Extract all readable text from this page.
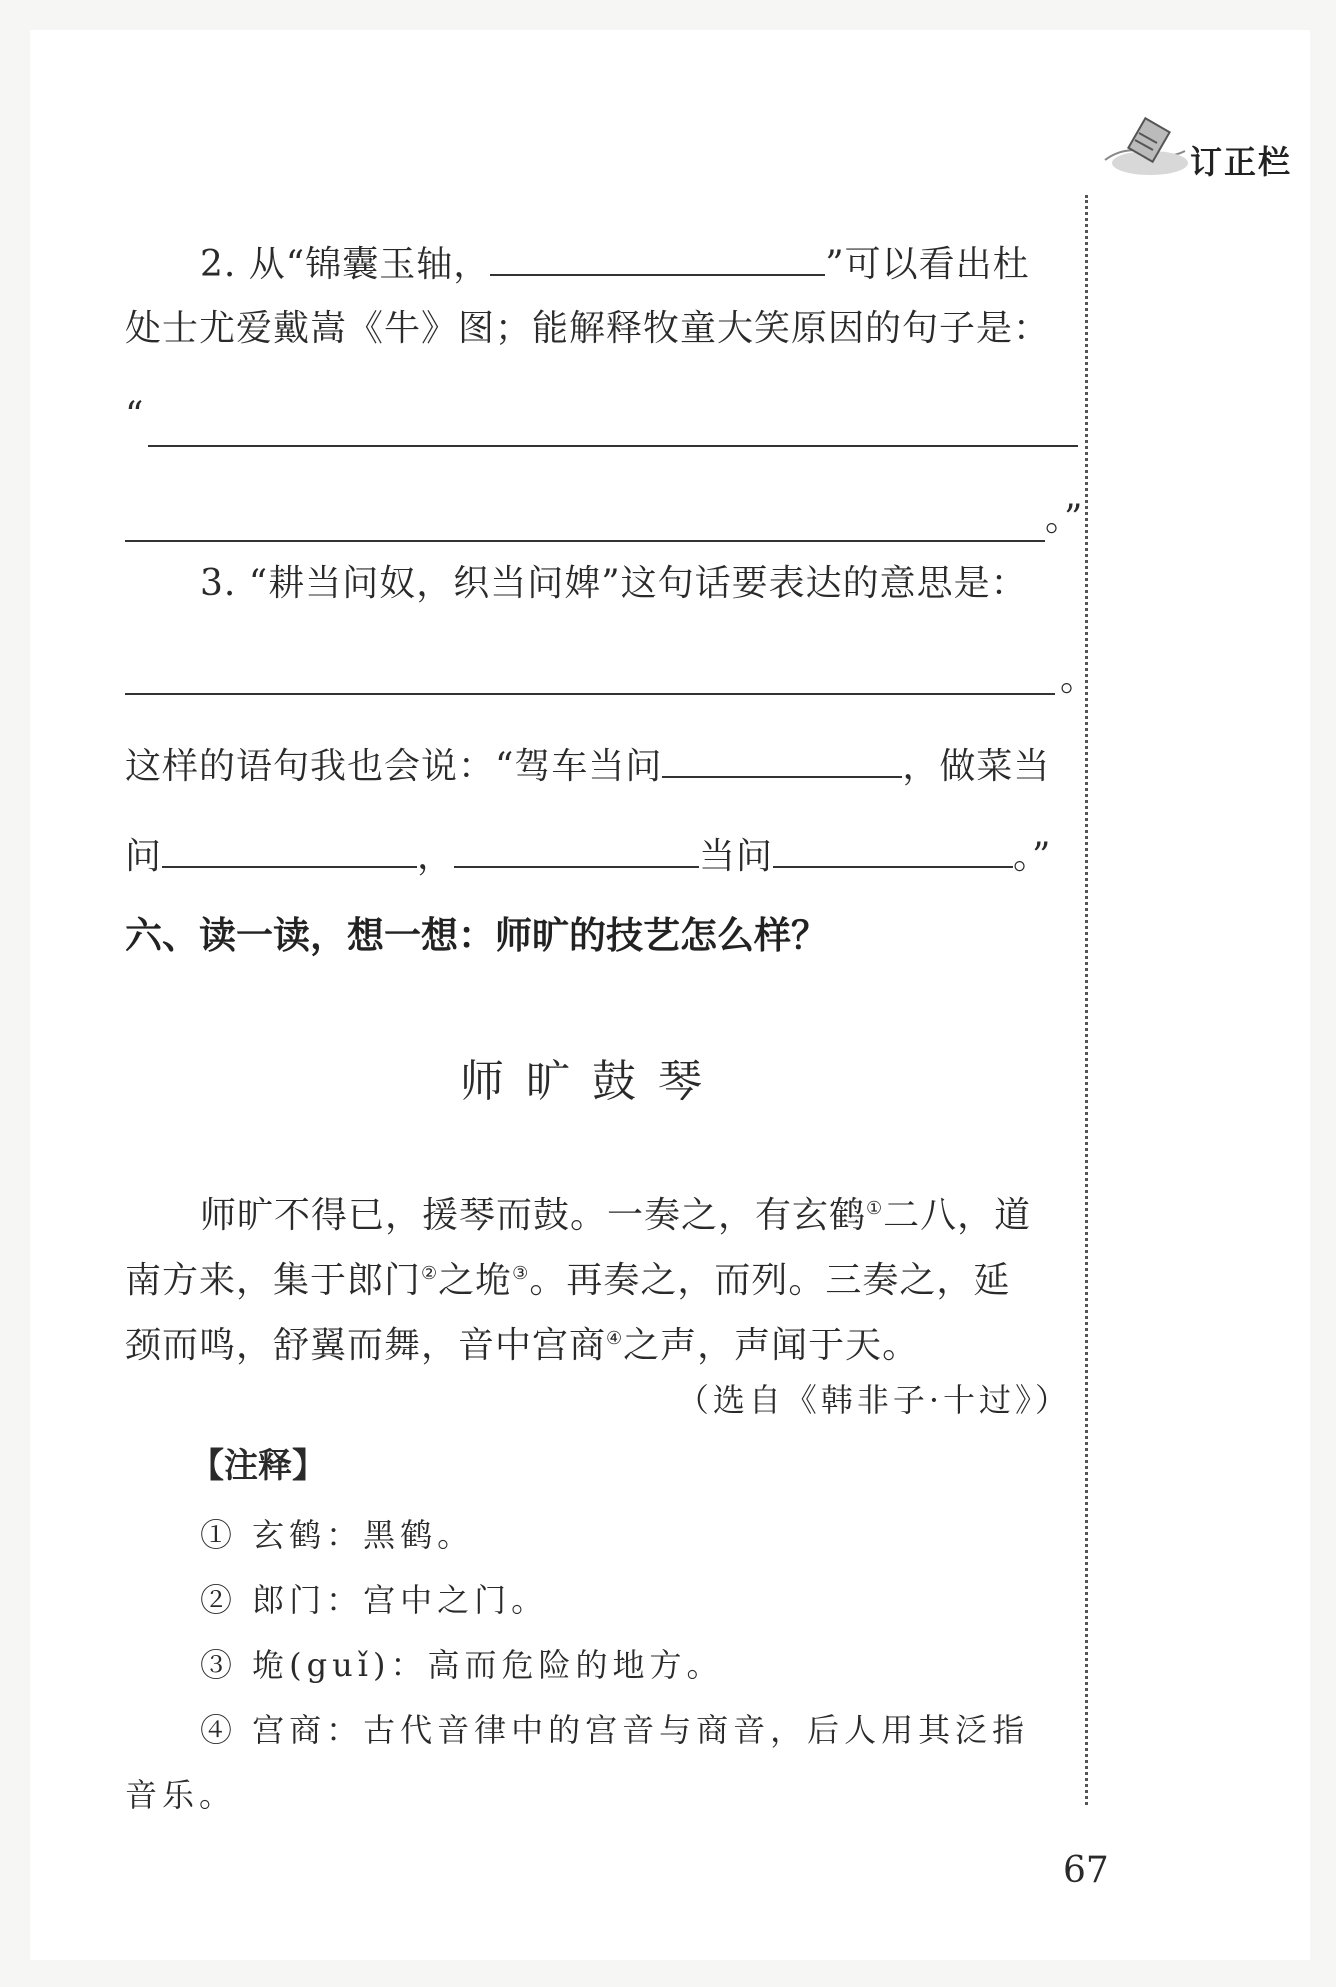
订正栏
2. 从“锦囊玉轴，	”可以看出杜
处士尤爱戴嵩《牛》图；能解释牧童大笑原因的句子是：
“
。”
3. “耕当问奴，织当问婢”这句话要表达的意思是：
。
这样的语句我也会说：“驾车当问	，做菜当
问	，	当问	。”
六、读一读，想一想：师旷的技艺怎么样？
师旷鼓琴
师旷不得已，援琴而鼓。一奏之，有玄鹤①二八，道
南方来，集于郎门②之垝③。再奏之，而列。三奏之，延
颈而鸣，舒翼而舞，音中宫商④之声，声闻于天。
（选自《韩非子·十过》）
【注释】
① 玄鹤：黑鹤。
② 郎门：宫中之门。
③ 垝(guǐ)：高而危险的地方。
④ 宫商：古代音律中的宫音与商音，后人用其泛指
音乐。
67
